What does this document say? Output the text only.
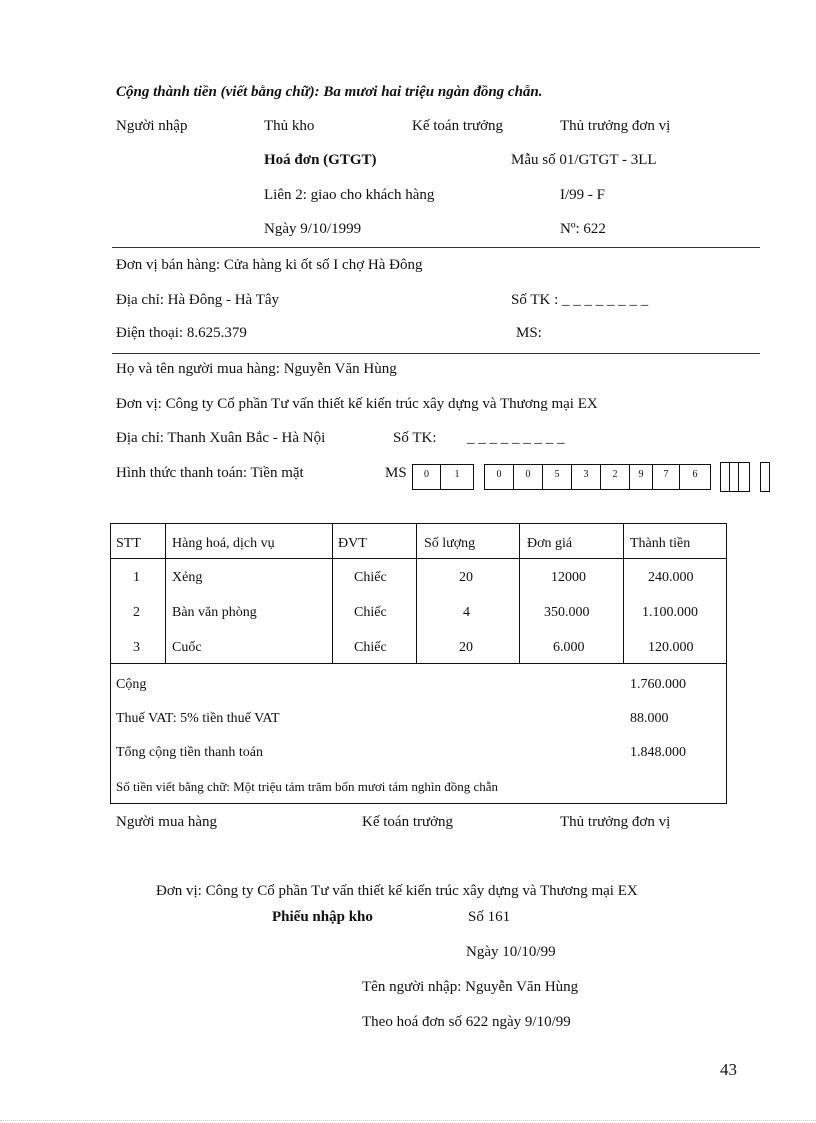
Cộng thành tiền (viết bằng chữ): Ba mươi hai triệu ngàn đồng chẵn.
Người nhập	Thủ kho	Kế toán trưởng	Thủ trưởng đơn vị
Hoá đơn (GTGT)	Mẫu số 01/GTGT - 3LL
Liên 2: giao cho khách hàng	I/99 - F
Ngày 9/10/1999	Nº: 622
Đơn vị bán hàng: Cửa hàng ki ốt số I chợ Hà Đông
Địa chỉ: Hà Đông - Hà Tây	Số TK : _ _ _ _ _ _ _ _
Điện thoại: 8.625.379	MS:
Họ và tên người mua hàng: Nguyễn Văn Hùng
Đơn vị: Công ty Cổ phần Tư vấn thiết kế kiến trúc xây dựng và Thương mại EX
Địa chỉ: Thanh Xuân Bắc - Hà Nội	Số TK: _ _ _ _ _ _ _ _ _
Hình thức thanh toán: Tiền mặt	MS	0	1	0	0	5	3	2	9	7	6
STT Hàng hoá, dịch vụ	ĐVT	Số lượng	Đơn giá	Thành tiền
1 Xẻng	Chiếc	20	12000	240.000
2 Bàn văn phòng	Chiếc	4	350.000	1.100.000
3 Cuốc	Chiếc	20	6.000	120.000
Cộng	1.760.000
Thuế VAT: 5% tiền thuế VAT	88.000
Tổng cộng tiền thanh toán	1.848.000
Số tiền viết bằng chữ: Một triệu tám trăm bốn mươi tám nghìn đồng chẵn
Người mua hàng	Kế toán trưởng	Thủ trưởng đơn vị
Đơn vị: Công ty Cổ phần Tư vấn thiết kế kiến trúc xây dựng và Thương mại EX
Phiếu nhập kho	Số 161
Ngày 10/10/99
Tên người nhập: Nguyễn Văn Hùng
Theo hoá đơn số 622 ngày 9/10/99
43
